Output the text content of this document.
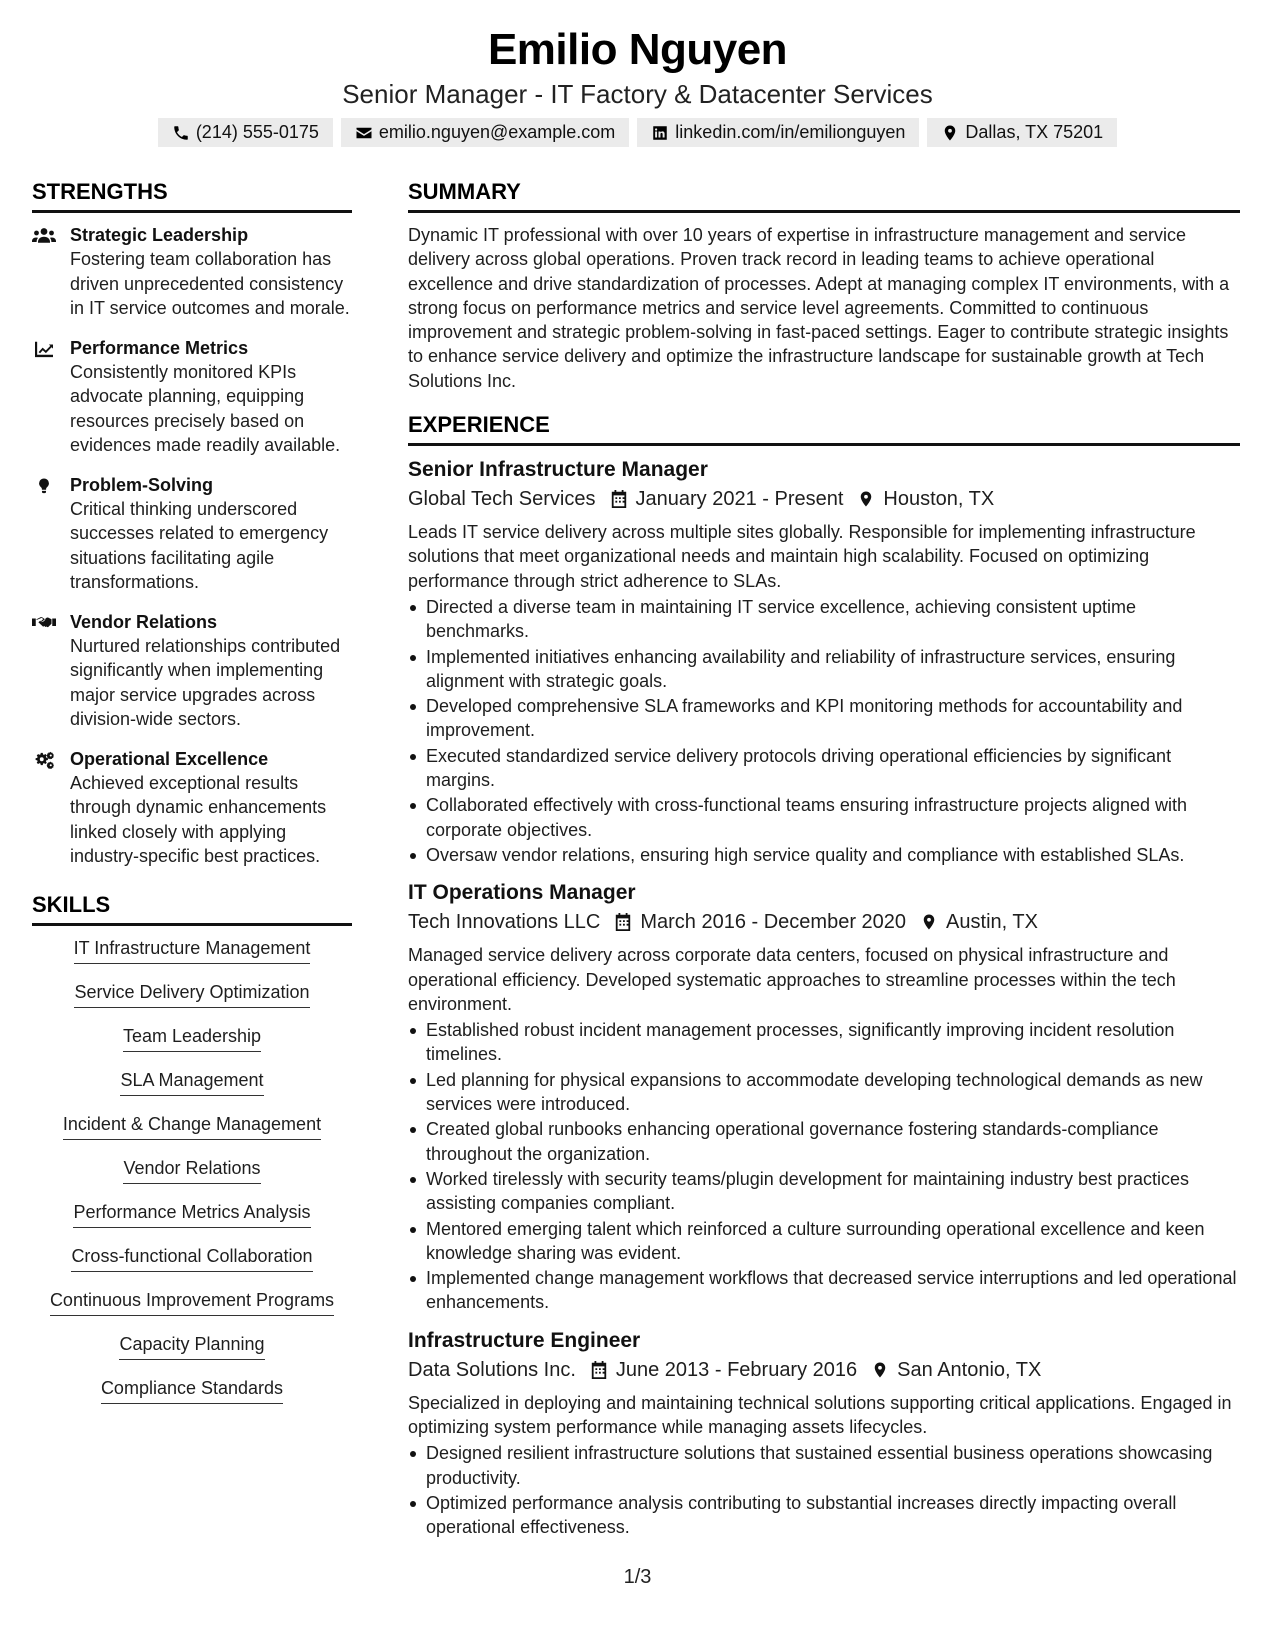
Emilio Nguyen
Senior Manager - IT Factory & Datacenter Services
(214) 555-0175	emilio.nguyen@example.com	linkedin.com/in/emilionguyen	Dallas, TX 75201
STRENGTHS
Strategic Leadership
Fostering team collaboration has driven unprecedented consistency in IT service outcomes and morale.
Performance Metrics
Consistently monitored KPIs advocate planning, equipping resources precisely based on evidences made readily available.
Problem-Solving
Critical thinking underscored successes related to emergency situations facilitating agile transformations.
Vendor Relations
Nurtured relationships contributed significantly when implementing major service upgrades across division-wide sectors.
Operational Excellence
Achieved exceptional results through dynamic enhancements linked closely with applying industry-specific best practices.
SKILLS
IT Infrastructure Management
Service Delivery Optimization
Team Leadership
SLA Management
Incident & Change Management
Vendor Relations
Performance Metrics Analysis
Cross-functional Collaboration
Continuous Improvement Programs
Capacity Planning
Compliance Standards
SUMMARY
Dynamic IT professional with over 10 years of expertise in infrastructure management and service delivery across global operations. Proven track record in leading teams to achieve operational excellence and drive standardization of processes. Adept at managing complex IT environments, with a strong focus on performance metrics and service level agreements. Committed to continuous improvement and strategic problem-solving in fast-paced settings. Eager to contribute strategic insights to enhance service delivery and optimize the infrastructure landscape for sustainable growth at Tech Solutions Inc.
EXPERIENCE
Senior Infrastructure Manager
Global Tech Services January 2021 - Present Houston, TX
Leads IT service delivery across multiple sites globally. Responsible for implementing infrastructure solutions that meet organizational needs and maintain high scalability. Focused on optimizing performance through strict adherence to SLAs.
Directed a diverse team in maintaining IT service excellence, achieving consistent uptime benchmarks.
Implemented initiatives enhancing availability and reliability of infrastructure services, ensuring alignment with strategic goals.
Developed comprehensive SLA frameworks and KPI monitoring methods for accountability and improvement.
Executed standardized service delivery protocols driving operational efficiencies by significant margins.
Collaborated effectively with cross-functional teams ensuring infrastructure projects aligned with corporate objectives.
Oversaw vendor relations, ensuring high service quality and compliance with established SLAs.
IT Operations Manager
Tech Innovations LLC March 2016 - December 2020 Austin, TX
Managed service delivery across corporate data centers, focused on physical infrastructure and operational efficiency. Developed systematic approaches to streamline processes within the tech environment.
Established robust incident management processes, significantly improving incident resolution timelines.
Led planning for physical expansions to accommodate developing technological demands as new services were introduced.
Created global runbooks enhancing operational governance fostering standards-compliance throughout the organization.
Worked tirelessly with security teams/plugin development for maintaining industry best practices assisting companies compliant.
Mentored emerging talent which reinforced a culture surrounding operational excellence and keen knowledge sharing was evident.
Implemented change management workflows that decreased service interruptions and led operational enhancements.
Infrastructure Engineer
Data Solutions Inc. June 2013 - February 2016 San Antonio, TX
Specialized in deploying and maintaining technical solutions supporting critical applications. Engaged in optimizing system performance while managing assets lifecycles.
Designed resilient infrastructure solutions that sustained essential business operations showcasing productivity.
Optimized performance analysis contributing to substantial increases directly impacting overall operational effectiveness.
1/3
